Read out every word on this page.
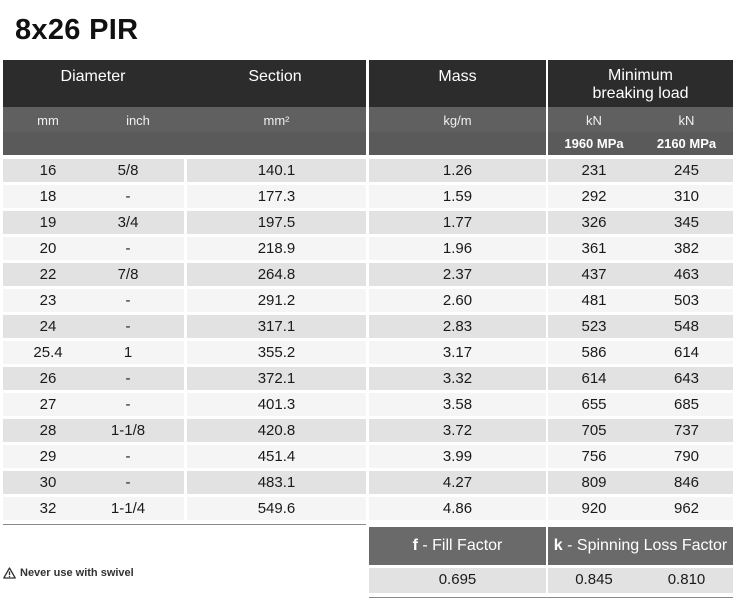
8x26 PIR
Diameter	Section	Mass	Minimum
breaking load
mm	inch	mm²	kg/m	kN	kN
1960 MPa	2160 MPa
16	5/8	140.1	1.26	231	245
18	-	177.3	1.59	292	310
19	3/4	197.5	1.77	326	345
20	-	218.9	1.96	361	382
22	7/8	264.8	2.37	437	463
23	-	291.2	2.60	481	503
24	-	317.1	2.83	523	548
25.4	1	355.2	3.17	586	614
26	-	372.1	3.32	614	643
27	-	401.3	3.58	655	685
28	1-1/8	420.8	3.72	705	737
29	-	451.4	3.99	756	790
30	-	483.1	4.27	809	846
32	1-1/4	549.6	4.86	920	962
f - Fill Factor	k - Spinning Loss Factor
0.695	0.845	0.810
Never use with swivel
